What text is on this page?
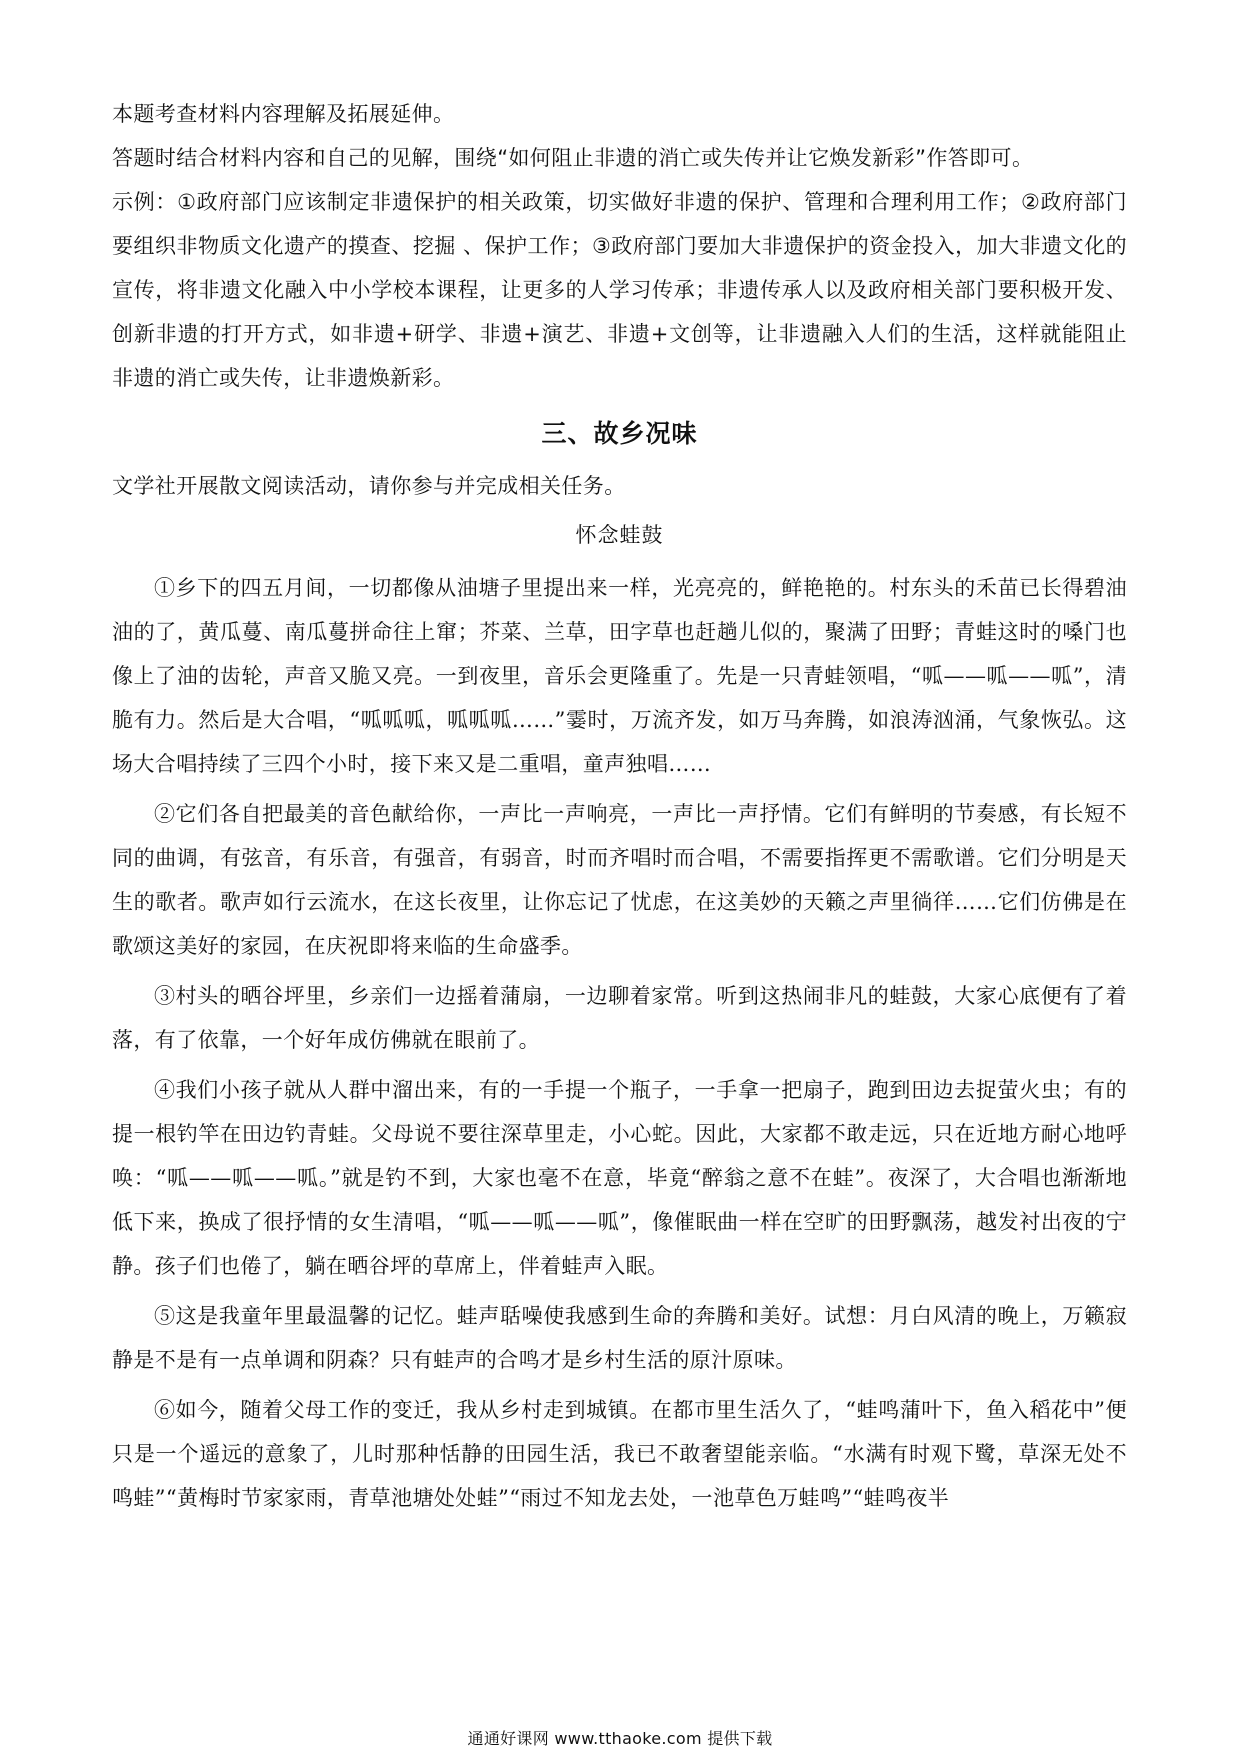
本题考查材料内容理解及拓展延伸。

答题时结合材料内容和自己的见解，围绕“如何阻止非遗的消亡或失传并让它焕发新彩”作答即可。

示例：①政府部门应该制定非遗保护的相关政策，切实做好非遗的保护、管理和合理利用工作；②政府部门要组织非物质文化遗产的摸查、挖掘 、保护工作；③政府部门要加大非遗保护的资金投入，加大非遗文化的宣传，将非遗文化融入中小学校本课程，让更多的人学习传承；非遗传承人以及政府相关部门要积极开发、创新非遗的打开方式，如非遗+研学、非遗+演艺、非遗+文创等，让非遗融入人们的生活，这样就能阻止非遗的消亡或失传，让非遗焕新彩。

三、故乡况味

文学社开展散文阅读活动，请你参与并完成相关任务。

怀念蛙鼓

①乡下的四五月间，一切都像从油塘子里提出来一样，光亮亮的，鲜艳艳的。村东头的禾苗已长得碧油油的了，黄瓜蔓、南瓜蔓拼命往上窜；芥菜、兰草，田字草也赶趟儿似的，聚满了田野；青蛙这时的嗓门也像上了油的齿轮，声音又脆又亮。一到夜里，音乐会更隆重了。先是一只青蛙领唱，“呱——呱——呱”，清脆有力。然后是大合唱，“呱呱呱，呱呱呱……”霎时，万流齐发，如万马奔腾，如浪涛汹涌，气象恢弘。这场大合唱持续了三四个小时，接下来又是二重唱，童声独唱……

②它们各自把最美的音色献给你，一声比一声响亮，一声比一声抒情。它们有鲜明的节奏感，有长短不同的曲调，有弦音，有乐音，有强音，有弱音，时而齐唱时而合唱，不需要指挥更不需歌谱。它们分明是天生的歌者。歌声如行云流水，在这长夜里，让你忘记了忧虑，在这美妙的天籁之声里徜徉……它们仿佛是在歌颂这美好的家园，在庆祝即将来临的生命盛季。

③村头的晒谷坪里，乡亲们一边摇着蒲扇，一边聊着家常。听到这热闹非凡的蛙鼓，大家心底便有了着落，有了依靠，一个好年成仿佛就在眼前了。

④我们小孩子就从人群中溜出来，有的一手提一个瓶子，一手拿一把扇子，跑到田边去捉萤火虫；有的提一根钓竿在田边钓青蛙。父母说不要往深草里走，小心蛇。因此，大家都不敢走远，只在近地方耐心地呼唤：“呱——呱——呱。”就是钓不到，大家也毫不在意，毕竟“醉翁之意不在蛙”。夜深了，大合唱也渐渐地低下来，换成了很抒情的女生清唱，“呱——呱——呱”，像催眠曲一样在空旷的田野飘荡，越发衬出夜的宁静。孩子们也倦了，躺在晒谷坪的草席上，伴着蛙声入眠。

⑤这是我童年里最温馨的记忆。蛙声聒噪使我感到生命的奔腾和美好。试想：月白风清的晚上，万籁寂静是不是有一点单调和阴森？只有蛙声的合鸣才是乡村生活的原汁原味。

⑥如今，随着父母工作的变迁，我从乡村走到城镇。在都市里生活久了，“蛙鸣蒲叶下，鱼入稻花中”便只是一个遥远的意象了，儿时那种恬静的田园生活，我已不敢奢望能亲临。“水满有时观下鹭，草深无处不鸣蛙”“黄梅时节家家雨，青草池塘处处蛙”“雨过不知龙去处，一池草色万蛙鸣”“蛙鸣夜半

通通好课网 www.tthaoke.com 提供下载
